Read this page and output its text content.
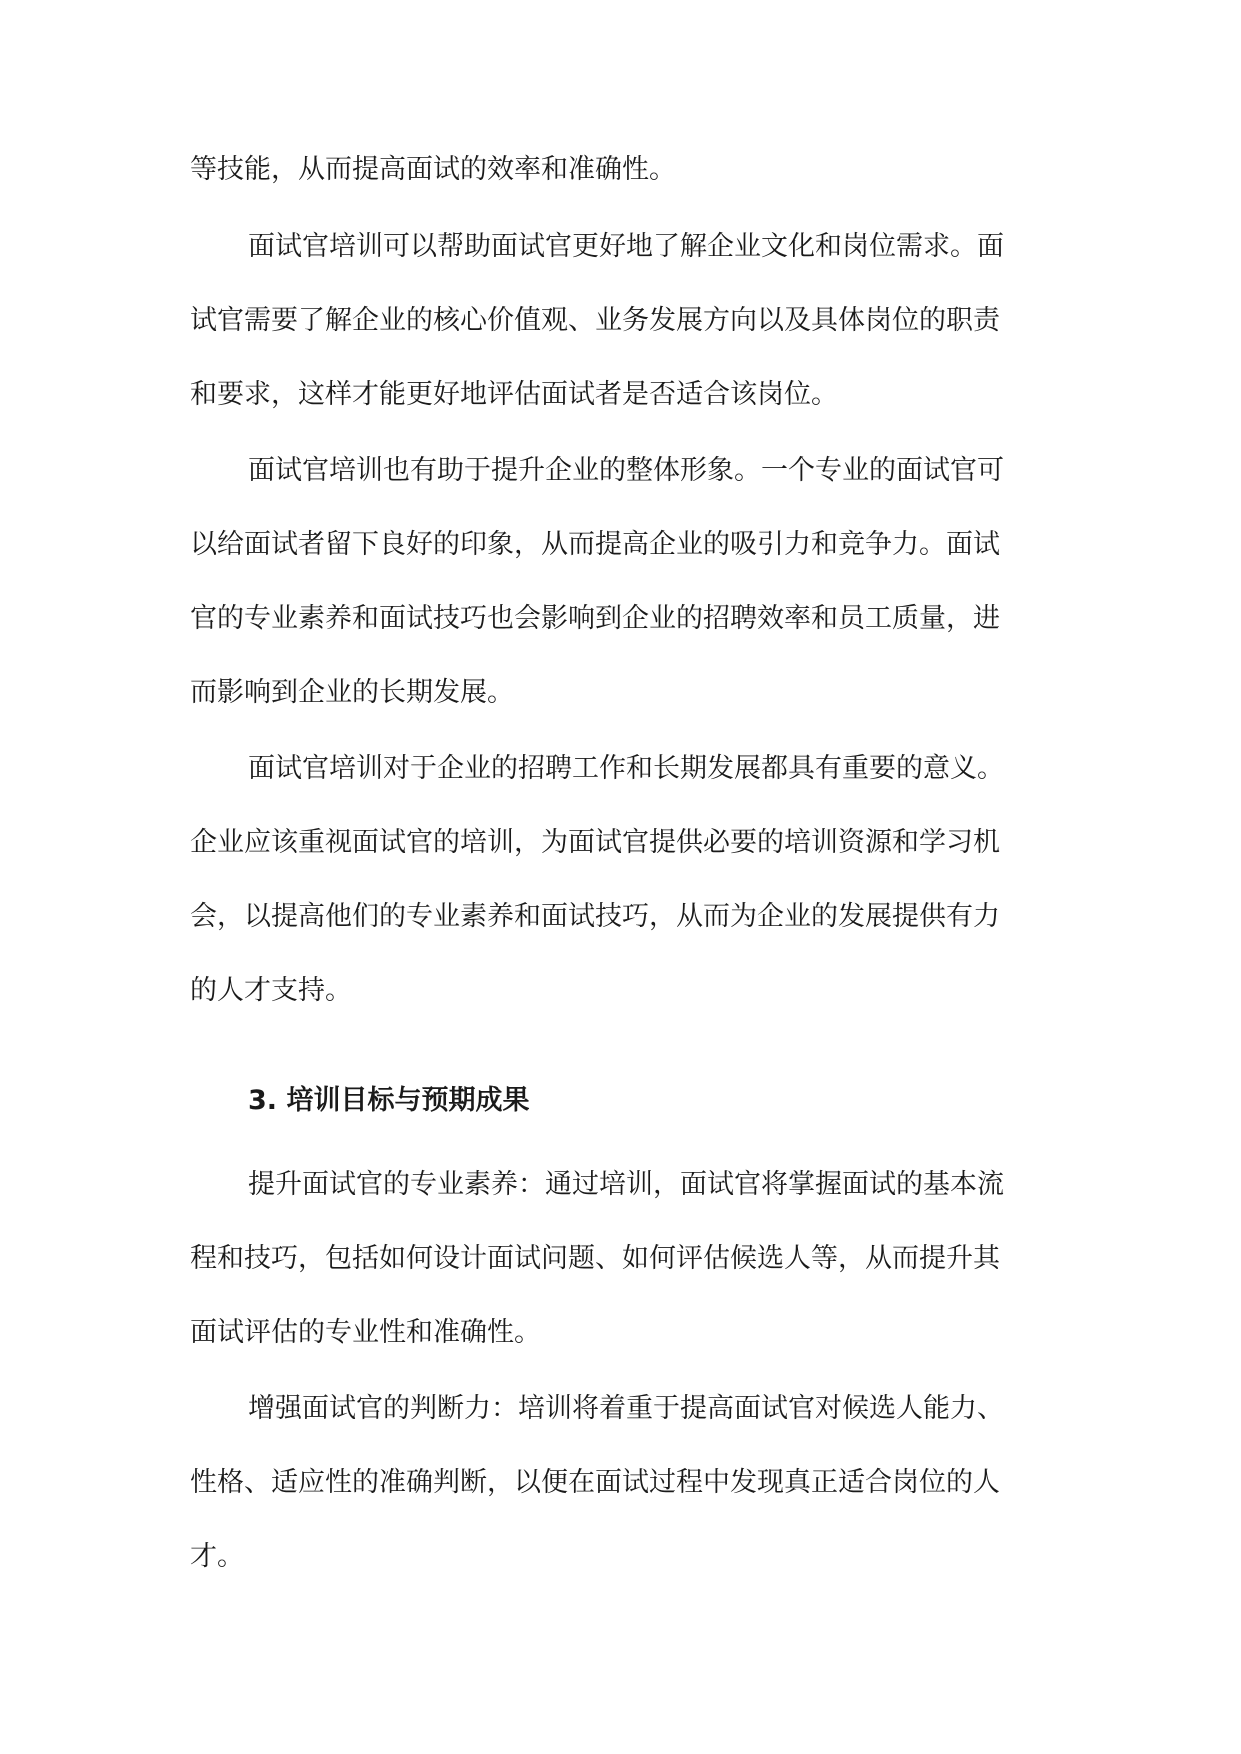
等技能，从而提高面试的效率和准确性。
面试官培训可以帮助面试官更好地了解企业文化和岗位需求。面
试官需要了解企业的核心价值观、业务发展方向以及具体岗位的职责
和要求，这样才能更好地评估面试者是否适合该岗位。
面试官培训也有助于提升企业的整体形象。一个专业的面试官可
以给面试者留下良好的印象，从而提高企业的吸引力和竞争力。面试
官的专业素养和面试技巧也会影响到企业的招聘效率和员工质量，进
而影响到企业的长期发展。
面试官培训对于企业的招聘工作和长期发展都具有重要的意义。
企业应该重视面试官的培训，为面试官提供必要的培训资源和学习机
会，以提高他们的专业素养和面试技巧，从而为企业的发展提供有力
的人才支持。
3. 培训目标与预期成果
提升面试官的专业素养：通过培训，面试官将掌握面试的基本流
程和技巧，包括如何设计面试问题、如何评估候选人等，从而提升其
面试评估的专业性和准确性。
增强面试官的判断力：培训将着重于提高面试官对候选人能力、
性格、适应性的准确判断，以便在面试过程中发现真正适合岗位的人
才。
